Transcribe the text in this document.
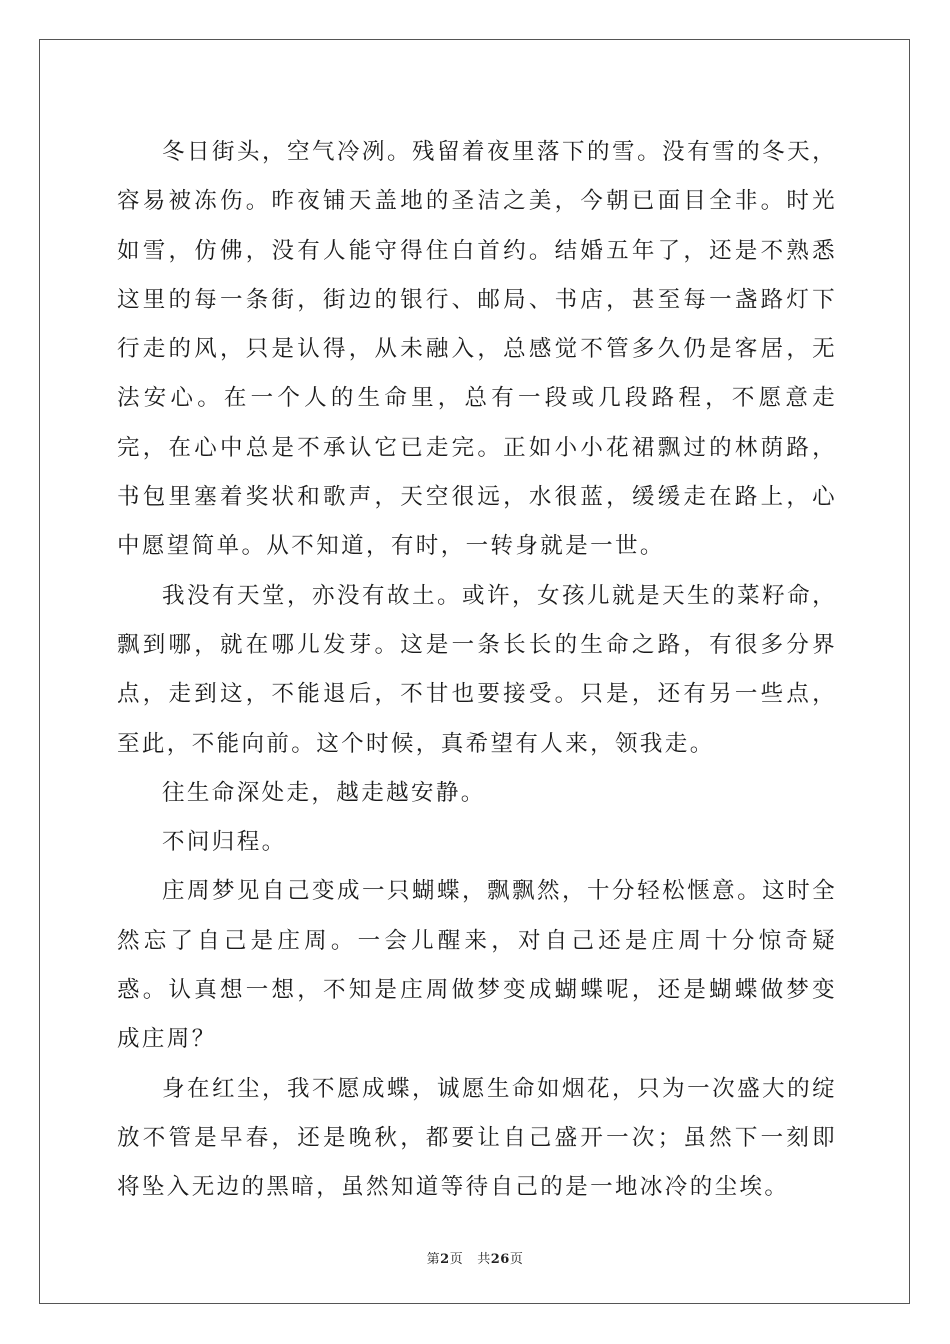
冬日街头，空气冷冽。残留着夜里落下的雪。没有雪的冬天，容易被冻伤。昨夜铺天盖地的圣洁之美，今朝已面目全非。时光如雪，仿佛，没有人能守得住白首约。结婚五年了，还是不熟悉这里的每一条街，街边的银行、邮局、书店，甚至每一盏路灯下行走的风，只是认得，从未融入，总感觉不管多久仍是客居，无法安心。在一个人的生命里，总有一段或几段路程，不愿意走完，在心中总是不承认它已走完。正如小小花裙飘过的林荫路，书包里塞着奖状和歌声，天空很远，水很蓝，缓缓走在路上，心中愿望简单。从不知道，有时，一转身就是一世。

我没有天堂，亦没有故土。或许，女孩儿就是天生的菜籽命，飘到哪，就在哪儿发芽。这是一条长长的生命之路，有很多分界点，走到这，不能退后，不甘也要接受。只是，还有另一些点，至此，不能向前。这个时候，真希望有人来，领我走。

往生命深处走，越走越安静。

不问归程。

庄周梦见自己变成一只蝴蝶，飘飘然，十分轻松惬意。这时全然忘了自己是庄周。一会儿醒来，对自己还是庄周十分惊奇疑惑。认真想一想，不知是庄周做梦变成蝴蝶呢，还是蝴蝶做梦变成庄周？

身在红尘，我不愿成蝶，诚愿生命如烟花，只为一次盛大的绽放不管是早春，还是晚秋，都要让自己盛开一次；虽然下一刻即将坠入无边的黑暗，虽然知道等待自己的是一地冰冷的尘埃。

第2页 共26页
